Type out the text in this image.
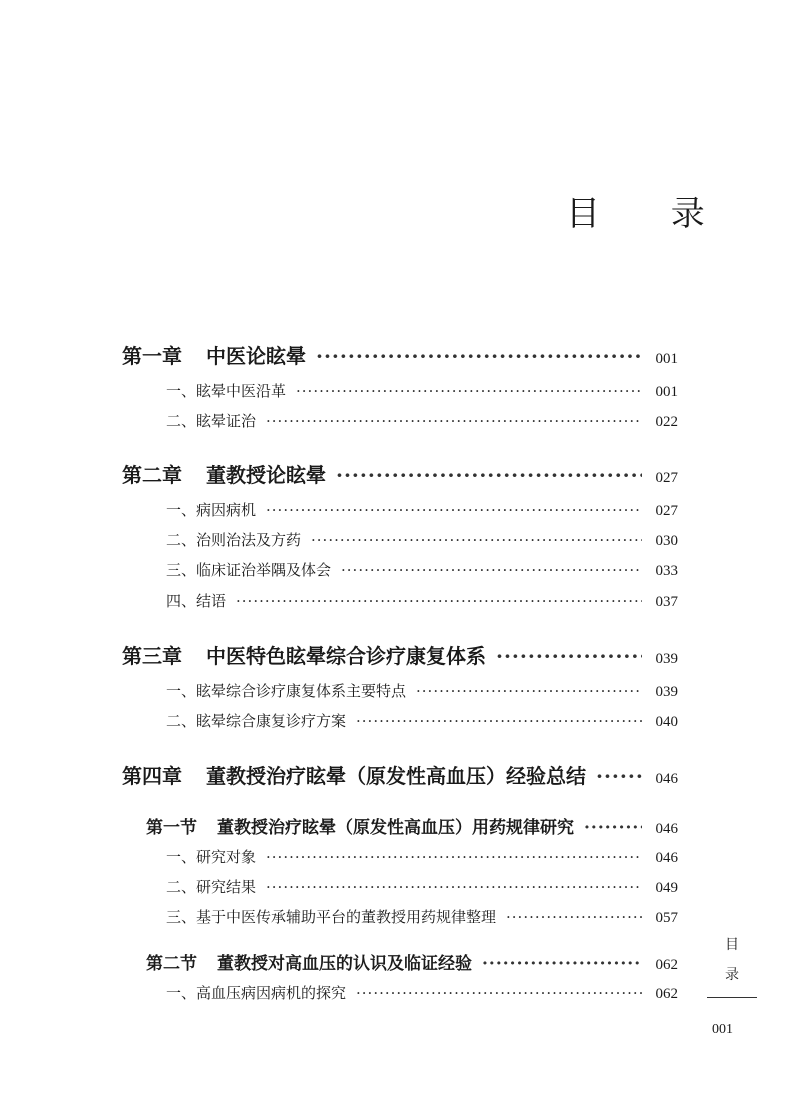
目 录
第一章 中医论眩晕 ·····	001
一、眩晕中医沿革 ·····	001
二、眩晕证治 ·····	022
第二章 董教授论眩晕 ·····	027
一、病因病机 ·····	027
二、治则治法及方药 ·····	030
三、临床证治举隅及体会 ·····	033
四、结语 ·····	037
第三章 中医特色眩晕综合诊疗康复体系 ·····	039
一、眩晕综合诊疗康复体系主要特点 ·····	039
二、眩晕综合康复诊疗方案 ·····	040
第四章 董教授治疗眩晕（原发性高血压）经验总结 ·····	046
第一节 董教授治疗眩晕（原发性高血压）用药规律研究 ·····	046
一、研究对象 ·····	046
二、研究结果 ·····	049
三、基于中医传承辅助平台的董教授用药规律整理 ·····	057
第二节 董教授对高血压的认识及临证经验 ·····	062
一、高血压病因病机的探究 ·····	062
目
录
001
